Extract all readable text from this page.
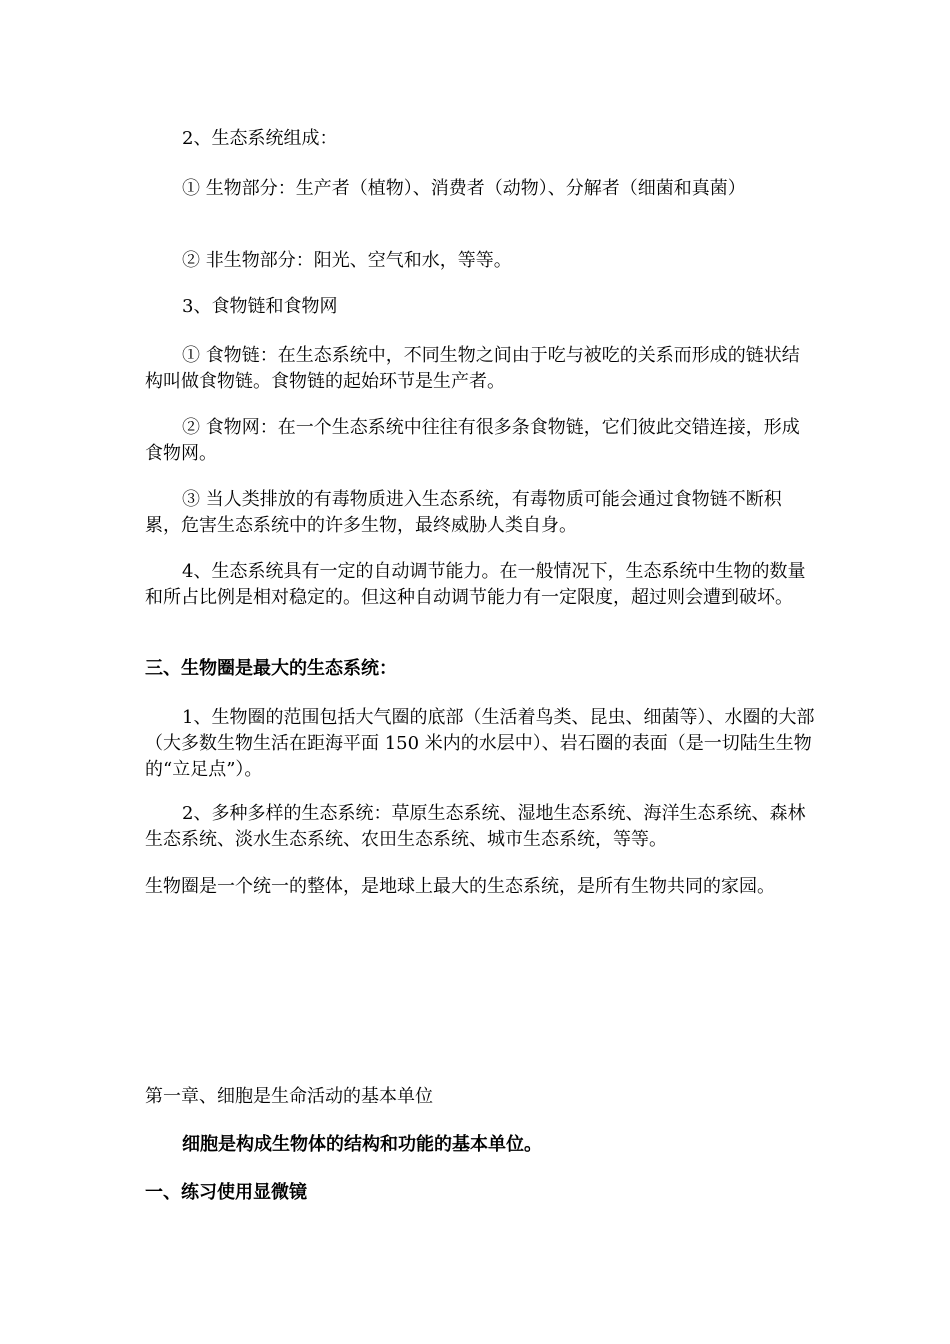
2、生态系统组成：

① 生物部分：生产者（植物）、消费者（动物）、分解者（细菌和真菌）

② 非生物部分：阳光、空气和水，等等。

3、食物链和食物网

① 食物链：在生态系统中，不同生物之间由于吃与被吃的关系而形成的链状结构叫做食物链。食物链的起始环节是生产者。

② 食物网：在一个生态系统中往往有很多条食物链，它们彼此交错连接，形成食物网。

③ 当人类排放的有毒物质进入生态系统，有毒物质可能会通过食物链不断积累，危害生态系统中的许多生物，最终威胁人类自身。

4、生态系统具有一定的自动调节能力。在一般情况下，生态系统中生物的数量和所占比例是相对稳定的。但这种自动调节能力有一定限度，超过则会遭到破坏。

三、生物圈是最大的生态系统：

1、生物圈的范围包括大气圈的底部（生活着鸟类、昆虫、细菌等）、水圈的大部（大多数生物生活在距海平面 150 米内的水层中）、岩石圈的表面（是一切陆生生物的“立足点”）。

2、多种多样的生态系统：草原生态系统、湿地生态系统、海洋生态系统、森林生态系统、淡水生态系统、农田生态系统、城市生态系统，等等。

生物圈是一个统一的整体，是地球上最大的生态系统，是所有生物共同的家园。

第一章、细胞是生命活动的基本单位

细胞是构成生物体的结构和功能的基本单位。

一、练习使用显微镜
